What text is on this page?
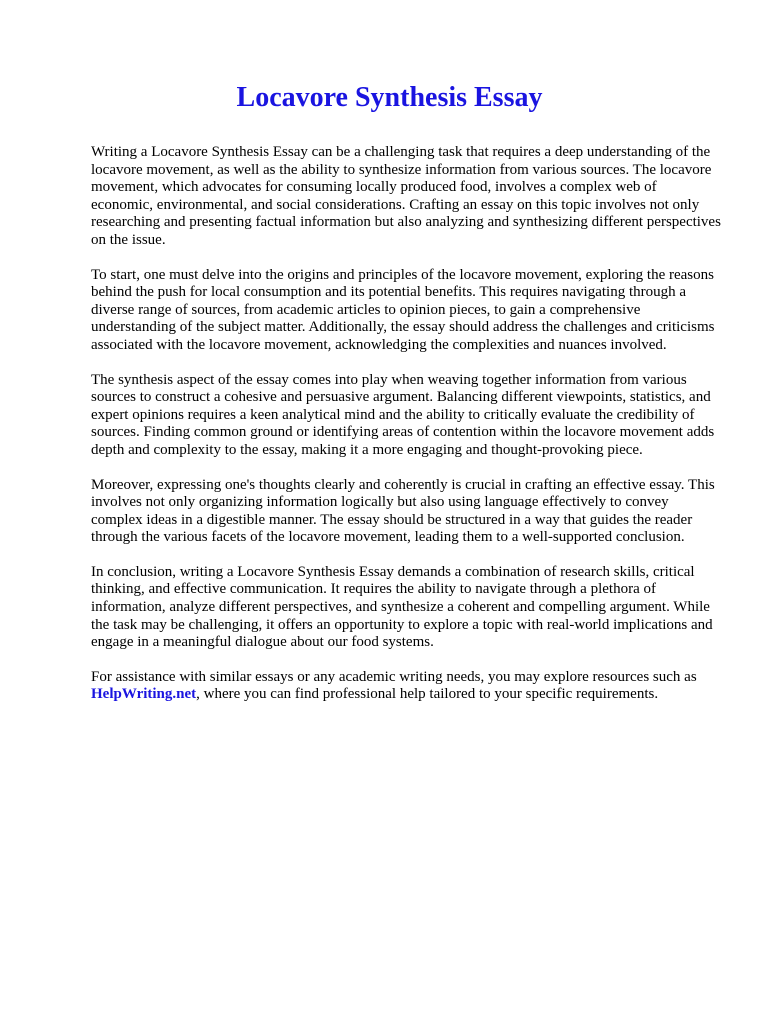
Locavore Synthesis Essay

Writing a Locavore Synthesis Essay can be a challenging task that requires a deep understanding of the locavore movement, as well as the ability to synthesize information from various sources. The locavore movement, which advocates for consuming locally produced food, involves a complex web of economic, environmental, and social considerations. Crafting an essay on this topic involves not only researching and presenting factual information but also analyzing and synthesizing different perspectives on the issue.

To start, one must delve into the origins and principles of the locavore movement, exploring the reasons behind the push for local consumption and its potential benefits. This requires navigating through a diverse range of sources, from academic articles to opinion pieces, to gain a comprehensive understanding of the subject matter. Additionally, the essay should address the challenges and criticisms associated with the locavore movement, acknowledging the complexities and nuances involved.

The synthesis aspect of the essay comes into play when weaving together information from various sources to construct a cohesive and persuasive argument. Balancing different viewpoints, statistics, and expert opinions requires a keen analytical mind and the ability to critically evaluate the credibility of sources. Finding common ground or identifying areas of contention within the locavore movement adds depth and complexity to the essay, making it a more engaging and thought-provoking piece.

Moreover, expressing one's thoughts clearly and coherently is crucial in crafting an effective essay. This involves not only organizing information logically but also using language effectively to convey complex ideas in a digestible manner. The essay should be structured in a way that guides the reader through the various facets of the locavore movement, leading them to a well-supported conclusion.

In conclusion, writing a Locavore Synthesis Essay demands a combination of research skills, critical thinking, and effective communication. It requires the ability to navigate through a plethora of information, analyze different perspectives, and synthesize a coherent and compelling argument. While the task may be challenging, it offers an opportunity to explore a topic with real-world implications and engage in a meaningful dialogue about our food systems.

For assistance with similar essays or any academic writing needs, you may explore resources such as HelpWriting.net, where you can find professional help tailored to your specific requirements.
